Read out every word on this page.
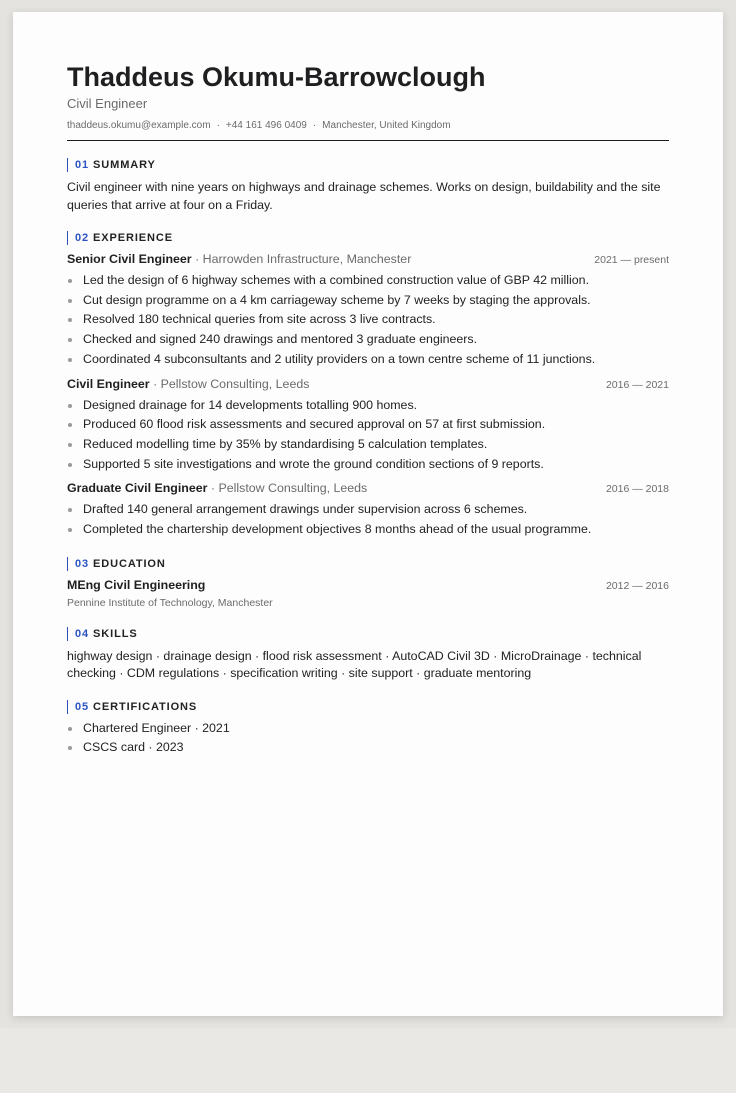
Thaddeus Okumu-Barrowclough
Civil Engineer
thaddeus.okumu@example.com · +44 161 496 0409 · Manchester, United Kingdom
01 SUMMARY
Civil engineer with nine years on highways and drainage schemes. Works on design, buildability and the site queries that arrive at four on a Friday.
02 EXPERIENCE
Senior Civil Engineer · Harrowden Infrastructure, Manchester	2021 — present
Led the design of 6 highway schemes with a combined construction value of GBP 42 million.
Cut design programme on a 4 km carriageway scheme by 7 weeks by staging the approvals.
Resolved 180 technical queries from site across 3 live contracts.
Checked and signed 240 drawings and mentored 3 graduate engineers.
Coordinated 4 subconsultants and 2 utility providers on a town centre scheme of 11 junctions.
Civil Engineer · Pellstow Consulting, Leeds	2016 — 2021
Designed drainage for 14 developments totalling 900 homes.
Produced 60 flood risk assessments and secured approval on 57 at first submission.
Reduced modelling time by 35% by standardising 5 calculation templates.
Supported 5 site investigations and wrote the ground condition sections of 9 reports.
Graduate Civil Engineer · Pellstow Consulting, Leeds	2016 — 2018
Drafted 140 general arrangement drawings under supervision across 6 schemes.
Completed the chartership development objectives 8 months ahead of the usual programme.
03 EDUCATION
MEng Civil Engineering	2012 — 2016
Pennine Institute of Technology, Manchester
04 SKILLS
highway design · drainage design · flood risk assessment · AutoCAD Civil 3D · MicroDrainage · technical checking · CDM regulations · specification writing · site support · graduate mentoring
05 CERTIFICATIONS
Chartered Engineer · 2021
CSCS card · 2023
